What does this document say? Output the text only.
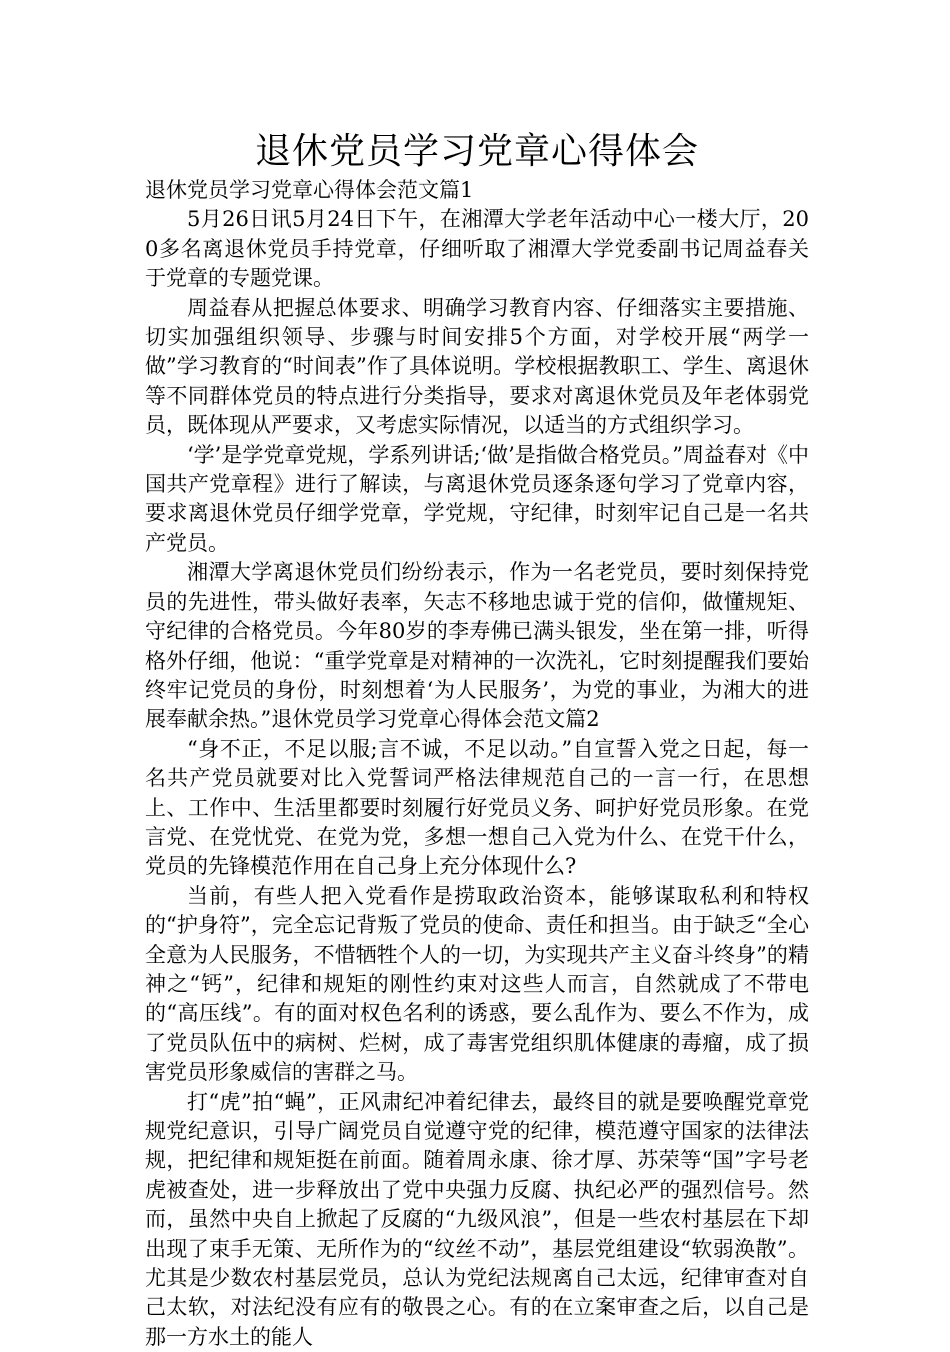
退休党员学习党章心得体会

退休党员学习党章心得体会范文篇1

5月26日讯5月24日下午，在湘潭大学老年活动中心一楼大厅，200多名离退休党员手持党章，仔细听取了湘潭大学党委副书记周益春关于党章的专题党课。

周益春从把握总体要求、明确学习教育内容、仔细落实主要措施、切实加强组织领导、步骤与时间安排5个方面，对学校开展“两学一做”学习教育的“时间表”作了具体说明。学校根据教职工、学生、离退休等不同群体党员的特点进行分类指导，要求对离退休党员及年老体弱党员，既体现从严要求，又考虑实际情况，以适当的方式组织学习。

‘学’是学党章党规，学系列讲话;‘做’是指做合格党员。”周益春对《中国共产党章程》进行了解读，与离退休党员逐条逐句学习了党章内容，要求离退休党员仔细学党章，学党规，守纪律，时刻牢记自己是一名共产党员。

湘潭大学离退休党员们纷纷表示，作为一名老党员，要时刻保持党员的先进性，带头做好表率，矢志不移地忠诚于党的信仰，做懂规矩、守纪律的合格党员。今年80岁的李寿佛已满头银发，坐在第一排，听得格外仔细，他说：“重学党章是对精神的一次洗礼，它时刻提醒我们要始终牢记党员的身份，时刻想着‘为人民服务’，为党的事业，为湘大的进展奉献余热。”退休党员学习党章心得体会范文篇2

“身不正，不足以服;言不诚，不足以动。”自宣誓入党之日起，每一名共产党员就要对比入党誓词严格法律规范自己的一言一行，在思想上、工作中、生活里都要时刻履行好党员义务、呵护好党员形象。在党言党、在党忧党、在党为党，多想一想自己入党为什么、在党干什么，党员的先锋模范作用在自己身上充分体现什么?

当前，有些人把入党看作是捞取政治资本，能够谋取私利和特权的“护身符”，完全忘记背叛了党员的使命、责任和担当。由于缺乏“全心全意为人民服务，不惜牺牲个人的一切，为实现共产主义奋斗终身”的精神之“钙”，纪律和规矩的刚性约束对这些人而言，自然就成了不带电的“高压线”。有的面对权色名利的诱惑，要么乱作为、要么不作为，成了党员队伍中的病树、烂树，成了毒害党组织肌体健康的毒瘤，成了损害党员形象威信的害群之马。

打“虎”拍“蝇”，正风肃纪冲着纪律去，最终目的就是要唤醒党章党规党纪意识，引导广阔党员自觉遵守党的纪律，模范遵守国家的法律法规，把纪律和规矩挺在前面。随着周永康、徐才厚、苏荣等“国”字号老虎被查处，进一步释放出了党中央强力反腐、执纪必严的强烈信号。然而，虽然中央自上掀起了反腐的“九级风浪”，但是一些农村基层在下却出现了束手无策、无所作为的“纹丝不动”，基层党组建设“软弱涣散”。尤其是少数农村基层党员，总认为党纪法规离自己太远，纪律审查对自己太软，对法纪没有应有的敬畏之心。有的在立案审查之后，以自己是那一方水土的能人
